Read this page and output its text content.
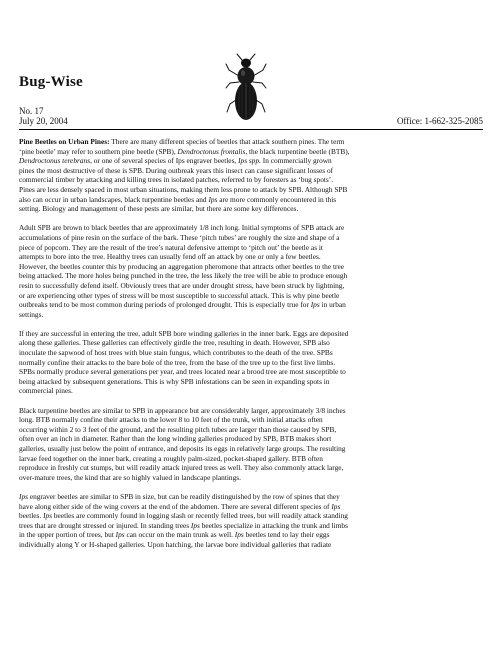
Bug-Wise
No. 17
July 20, 2004	Office: 1-662-325-2085

Pine Beetles on Urban Pines: There are many different species of beetles that attack southern pines. The term
‘pine beetle’ may refer to southern pine beetle (SPB), Dendroctonus frontalis, the black turpentine beetle (BTB),
Dendroctonus terebrans, or one of several species of Ips engraver beetles, Ips spp. In commercially grown
pines the most destructive of these is SPB. During outbreak years this insect can cause significant losses of
commercial timber by attacking and killing trees in isolated patches, referred to by foresters as ‘bug spots’.
Pines are less densely spaced in most urban situations, making them less prone to attack by SPB. Although SPB
also can occur in urban landscapes, black turpentine beetles and Ips are more commonly encountered in this
setting. Biology and management of these pests are similar, but there are some key differences.

Adult SPB are brown to black beetles that are approximately 1/8 inch long. Initial symptoms of SPB attack are
accumulations of pine resin on the surface of the bark. These ‘pitch tubes’ are roughly the size and shape of a
piece of popcorn. They are the result of the tree’s natural defensive attempt to ‘pitch out’ the beetle as it
attempts to bore into the tree. Healthy trees can usually fend off an attack by one or only a few beetles.
However, the beetles counter this by producing an aggregation pheromone that attracts other beetles to the tree
being attacked. The more holes being punched in the tree, the less likely the tree will be able to produce enough
resin to successfully defend itself. Obviously trees that are under drought stress, have been struck by lightning,
or are experiencing other types of stress will be most susceptible to successful attack. This is why pine beetle
outbreaks tend to be most common during periods of prolonged drought. This is especially true for Ips in urban
settings.

If they are successful in entering the tree, adult SPB bore winding galleries in the inner bark. Eggs are deposited
along these galleries. These galleries can effectively girdle the tree, resulting in death. However, SPB also
inoculate the sapwood of host trees with blue stain fungus, which contributes to the death of the tree. SPBs
normally confine their attacks to the bare bole of the tree, from the base of the tree up to the first live limbs.
SPBs normally produce several generations per year, and trees located near a brood tree are most susceptible to
being attacked by subsequent generations. This is why SPB infestations can be seen in expanding spots in
commercial pines.

Black turpentine beetles are similar to SPB in appearance but are considerably larger, approximately 3/8 inches
long. BTB normally confine their attacks to the lower 8 to 10 feet of the trunk, with initial attacks often
occurring within 2 to 3 feet of the ground, and the resulting pitch tubes are larger than those caused by SPB,
often over an inch in diameter. Rather than the long winding galleries produced by SPB, BTB makes short
galleries, usually just below the point of entrance, and deposits its eggs in relatively large groups. The resulting
larvae feed together on the inner bark, creating a roughly palm-sized, pocket-shaped gallery. BTB often
reproduce in freshly cut stumps, but will readily attack injured trees as well. They also commonly attack large,
over-mature trees, the kind that are so highly valued in landscape plantings.

Ips engraver beetles are similar to SPB in size, but can be readily distinguished by the row of spines that they
have along either side of the wing covers at the end of the abdomen. There are several different species of Ips
beetles. Ips beetles are commonly found in logging slash or recently felled trees, but will readily attack standing
trees that are drought stressed or injured. In standing trees Ips beetles specialize in attacking the trunk and limbs
in the upper portion of trees, but Ips can occur on the main trunk as well. Ips beetles tend to lay their eggs
individually along Y or H-shaped galleries. Upon hatching, the larvae bore individual galleries that radiate
